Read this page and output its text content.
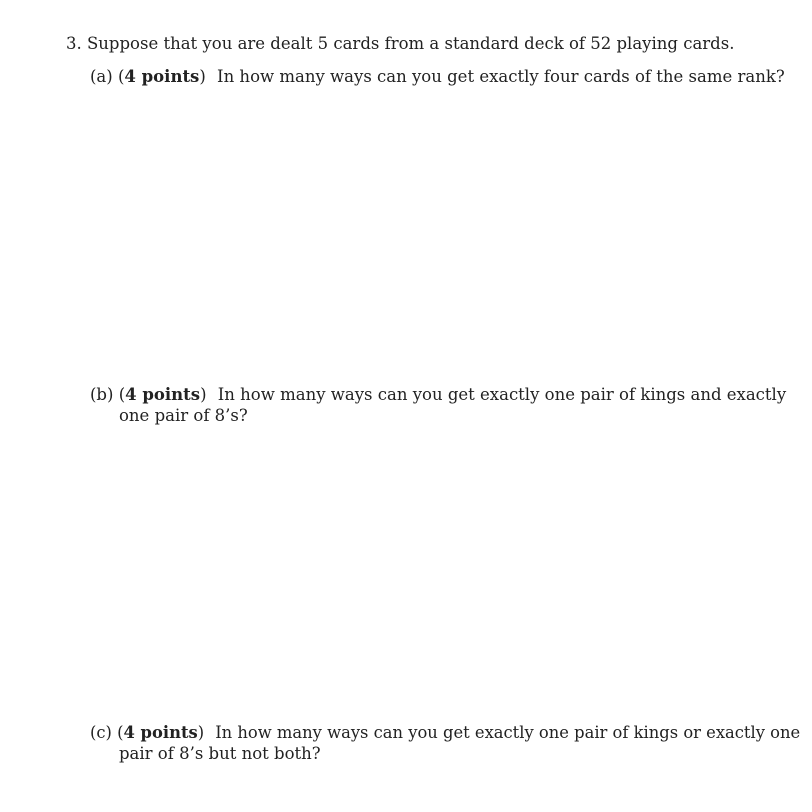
3. Suppose that you are dealt 5 cards from a standard deck of 52 playing cards.
(a) (4 points) In how many ways can you get exactly four cards of the same rank?
(b) (4 points) In how many ways can you get exactly one pair of kings and exactly
one pair of 8’s?
(c) (4 points) In how many ways can you get exactly one pair of kings or exactly one
pair of 8’s but not both?
